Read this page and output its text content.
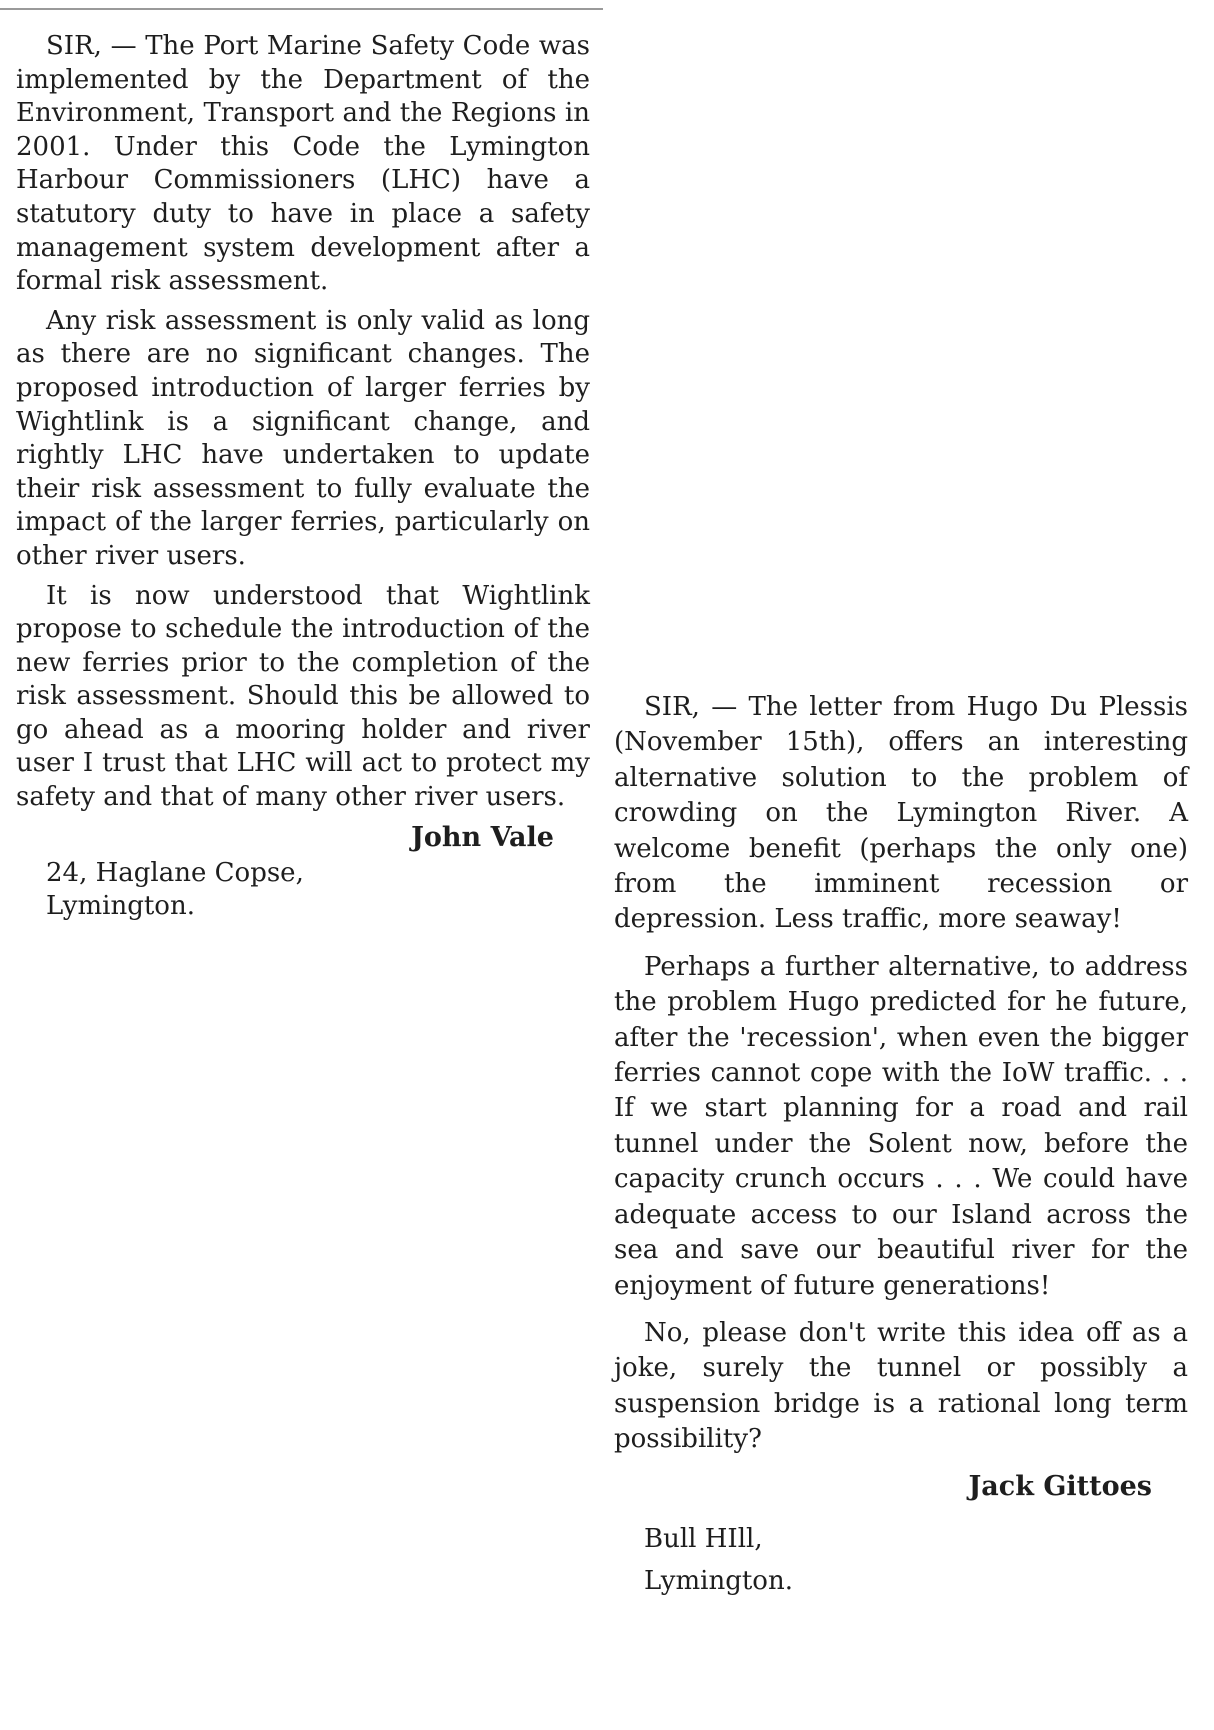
SIR, — The Port Marine Safety Code was implemented by the Department of the Environment, Transport and the Regions in 2001. Under this Code the Lymington Harbour Commissioners (LHC) have a statutory duty to have in place a safety management system development after a formal risk assessment.

Any risk assessment is only valid as long as there are no significant changes. The proposed introduction of larger ferries by Wightlink is a significant change, and rightly LHC have undertaken to update their risk assessment to fully evaluate the impact of the larger ferries, particularly on other river users.

It is now understood that Wightlink propose to schedule the introduction of the new ferries prior to the completion of the risk assessment. Should this be allowed to go ahead as a mooring holder and river user I trust that LHC will act to protect my safety and that of many other river users.

John Vale

24, Haglane Copse,
Lymington.

SIR, — The letter from Hugo Du Plessis (November 15th), offers an interesting alternative solution to the problem of crowding on the Lymington River. A welcome benefit (perhaps the only one) from the imminent recession or depression. Less traffic, more seaway!

Perhaps a further alternative, to address the problem Hugo predicted for he future, after the 'recession', when even the bigger ferries cannot cope with the IoW traffic. . . If we start planning for a road and rail tunnel under the Solent now, before the capacity crunch occurs . . . We could have adequate access to our Island across the sea and save our beautiful river for the enjoyment of future generations!

No, please don't write this idea off as a joke, surely the tunnel or possibly a suspension bridge is a rational long term possibility?

Jack Gittoes

Bull HIll,
Lymington.
